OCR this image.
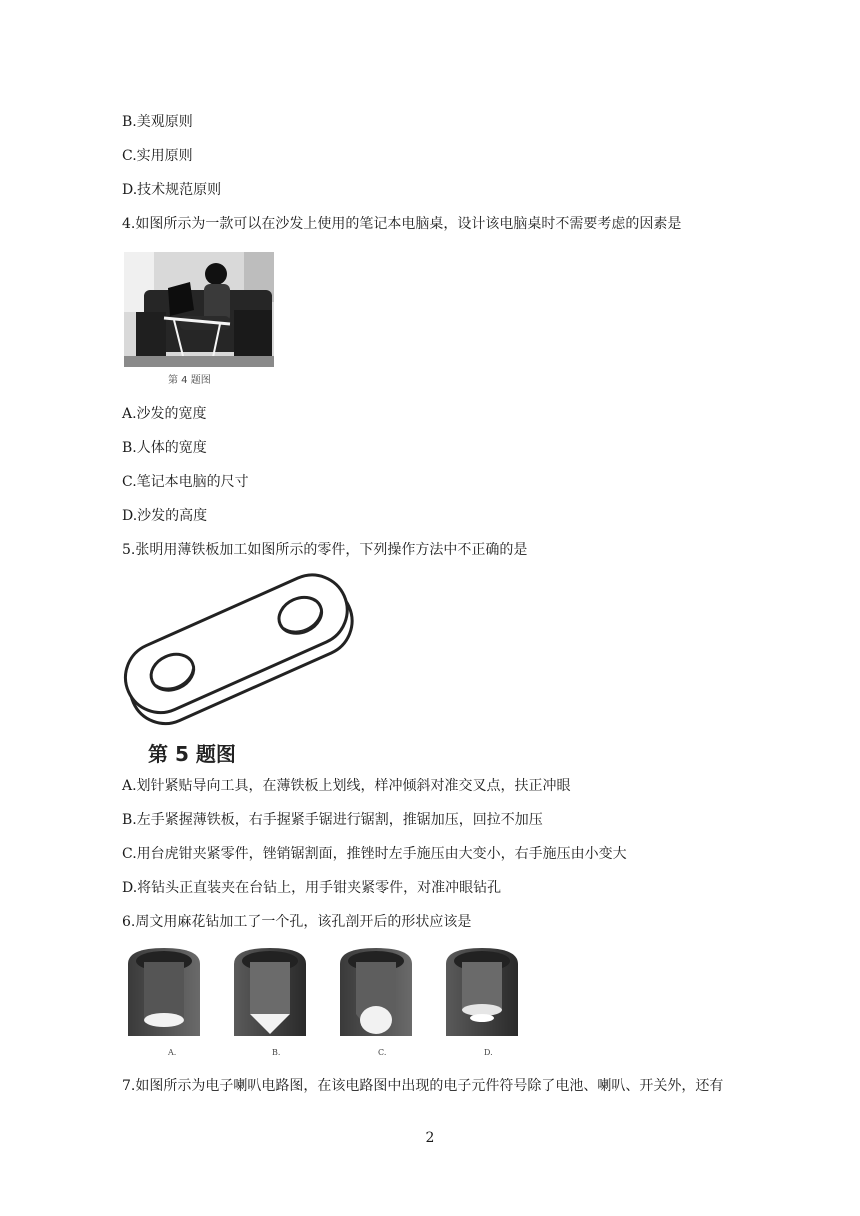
B.美观原则
C.实用原则
D.技术规范原则
4.如图所示为一款可以在沙发上使用的笔记本电脑桌，设计该电脑桌时不需要考虑的因素是
第 4 题图
A.沙发的宽度
B.人体的宽度
C.笔记本电脑的尺寸
D.沙发的高度
5.张明用薄铁板加工如图所示的零件，下列操作方法中不正确的是
第 5 题图
A.划针紧贴导向工具，在薄铁板上划线，样冲倾斜对准交叉点，扶正冲眼
B.左手紧握薄铁板，右手握紧手锯进行锯割，推锯加压，回拉不加压
C.用台虎钳夹紧零件，锉销锯割面，推锉时左手施压由大变小，右手施压由小变大
D.将钻头正直装夹在台钻上，用手钳夹紧零件，对准冲眼钻孔
6.周文用麻花钻加工了一个孔，该孔剖开后的形状应该是
A.	B.	C.	D.
7.如图所示为电子喇叭电路图，在该电路图中出现的电子元件符号除了电池、喇叭、开关外，还有
2
